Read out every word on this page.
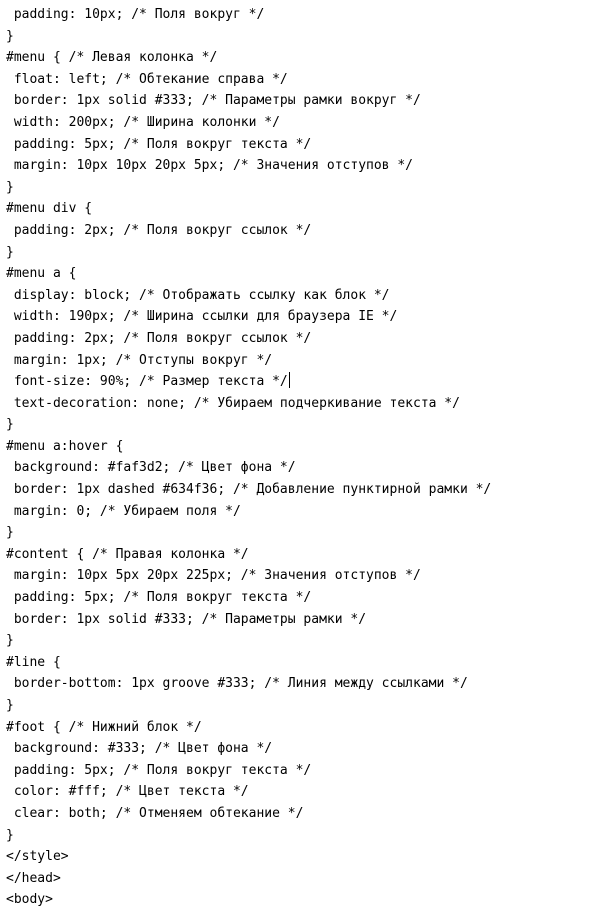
padding: 10px; /* Поля вокруг */
}
#menu { /* Левая колонка */
float: left; /* Обтекание справа */
border: 1px solid #333; /* Параметры рамки вокруг */
width: 200px; /* Ширина колонки */
padding: 5px; /* Поля вокруг текста */
margin: 10px 10px 20px 5px; /* Значения отступов */
}
#menu div {
padding: 2px; /* Поля вокруг ссылок */
}
#menu a {
display: block; /* Отображать ссылку как блок */
width: 190px; /* Ширина ссылки для браузера IE */
padding: 2px; /* Поля вокруг ссылок */
margin: 1px; /* Отступы вокруг */
font-size: 90%; /* Размер текста */
text-decoration: none; /* Убираем подчеркивание текста */
}
#menu a:hover {
background: #faf3d2; /* Цвет фона */
border: 1px dashed #634f36; /* Добавление пунктирной рамки */
margin: 0; /* Убираем поля */
}
#content { /* Правая колонка */
margin: 10px 5px 20px 225px; /* Значения отступов */
padding: 5px; /* Поля вокруг текста */
border: 1px solid #333; /* Параметры рамки */
}
#line {
border-bottom: 1px groove #333; /* Линия между ссылками */
}
#foot { /* Нижний блок */
background: #333; /* Цвет фона */
padding: 5px; /* Поля вокруг текста */
color: #fff; /* Цвет текста */
clear: both; /* Отменяем обтекание */
}
</style>
</head>
<body>
